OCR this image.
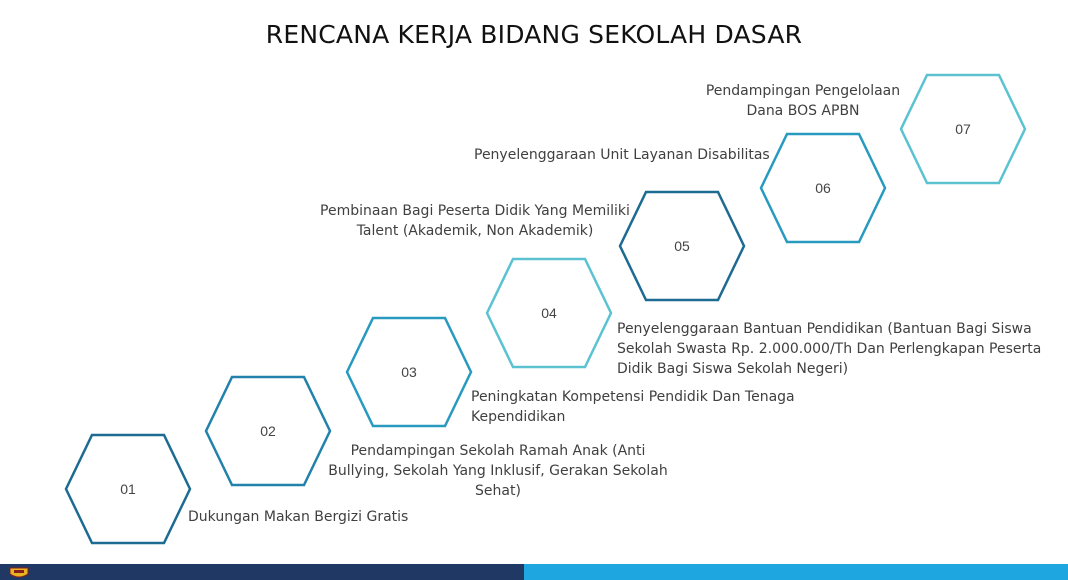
RENCANA KERJA BIDANG SEKOLAH DASAR
01
Dukungan Makan Bergizi Gratis
02
Pendampingan Sekolah Ramah Anak (Anti
Bullying, Sekolah Yang Inklusif, Gerakan Sekolah
Sehat)
03
Peningkatan Kompetensi Pendidik Dan Tenaga
Kependidikan
04
Pembinaan Bagi Peserta Didik Yang Memiliki
Talent (Akademik, Non Akademik)
05
Penyelenggaraan Bantuan Pendidikan (Bantuan Bagi Siswa
Sekolah Swasta Rp. 2.000.000/Th Dan Perlengkapan Peserta
Didik Bagi Siswa Sekolah Negeri)
06
Penyelenggaraan Unit Layanan Disabilitas
07
Pendampingan Pengelolaan
Dana BOS APBN
